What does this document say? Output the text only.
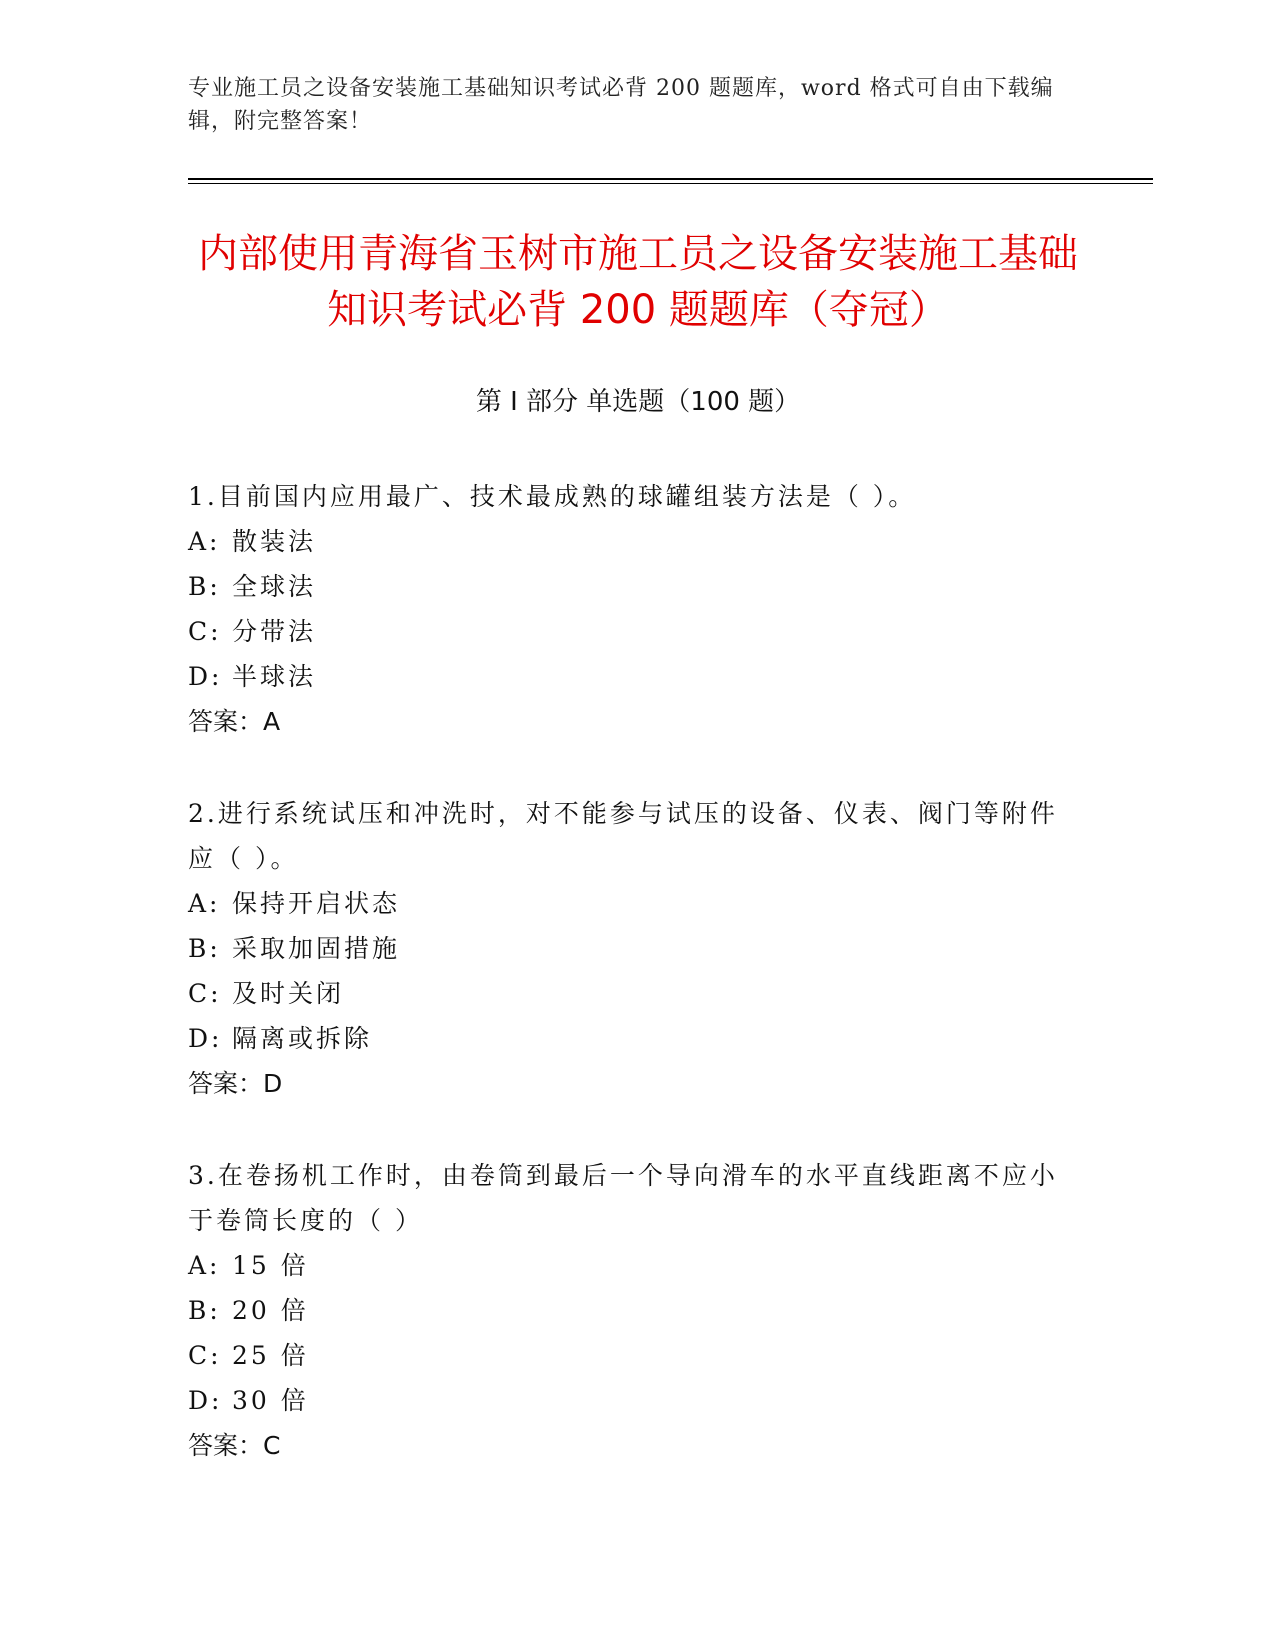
专业施工员之设备安装施工基础知识考试必背 200 题题库，word 格式可自由下载编辑，附完整答案！
内部使用青海省玉树市施工员之设备安装施工基础知识考试必背 200 题题库（夺冠）
第 I 部分 单选题（100 题）

1.目前国内应用最广、技术最成熟的球罐组装方法是（ ）。

A: 散装法

B: 全球法

C: 分带法

D: 半球法

答案：A

2.进行系统试压和冲洗时，对不能参与试压的设备、仪表、阀门等附件应（ ）。

A: 保持开启状态

B: 采取加固措施

C: 及时关闭

D: 隔离或拆除

答案：D

3.在卷扬机工作时，由卷筒到最后一个导向滑车的水平直线距离不应小于卷筒长度的（ ）

A: 15 倍

B: 20 倍

C: 25 倍

D: 30 倍

答案：C
